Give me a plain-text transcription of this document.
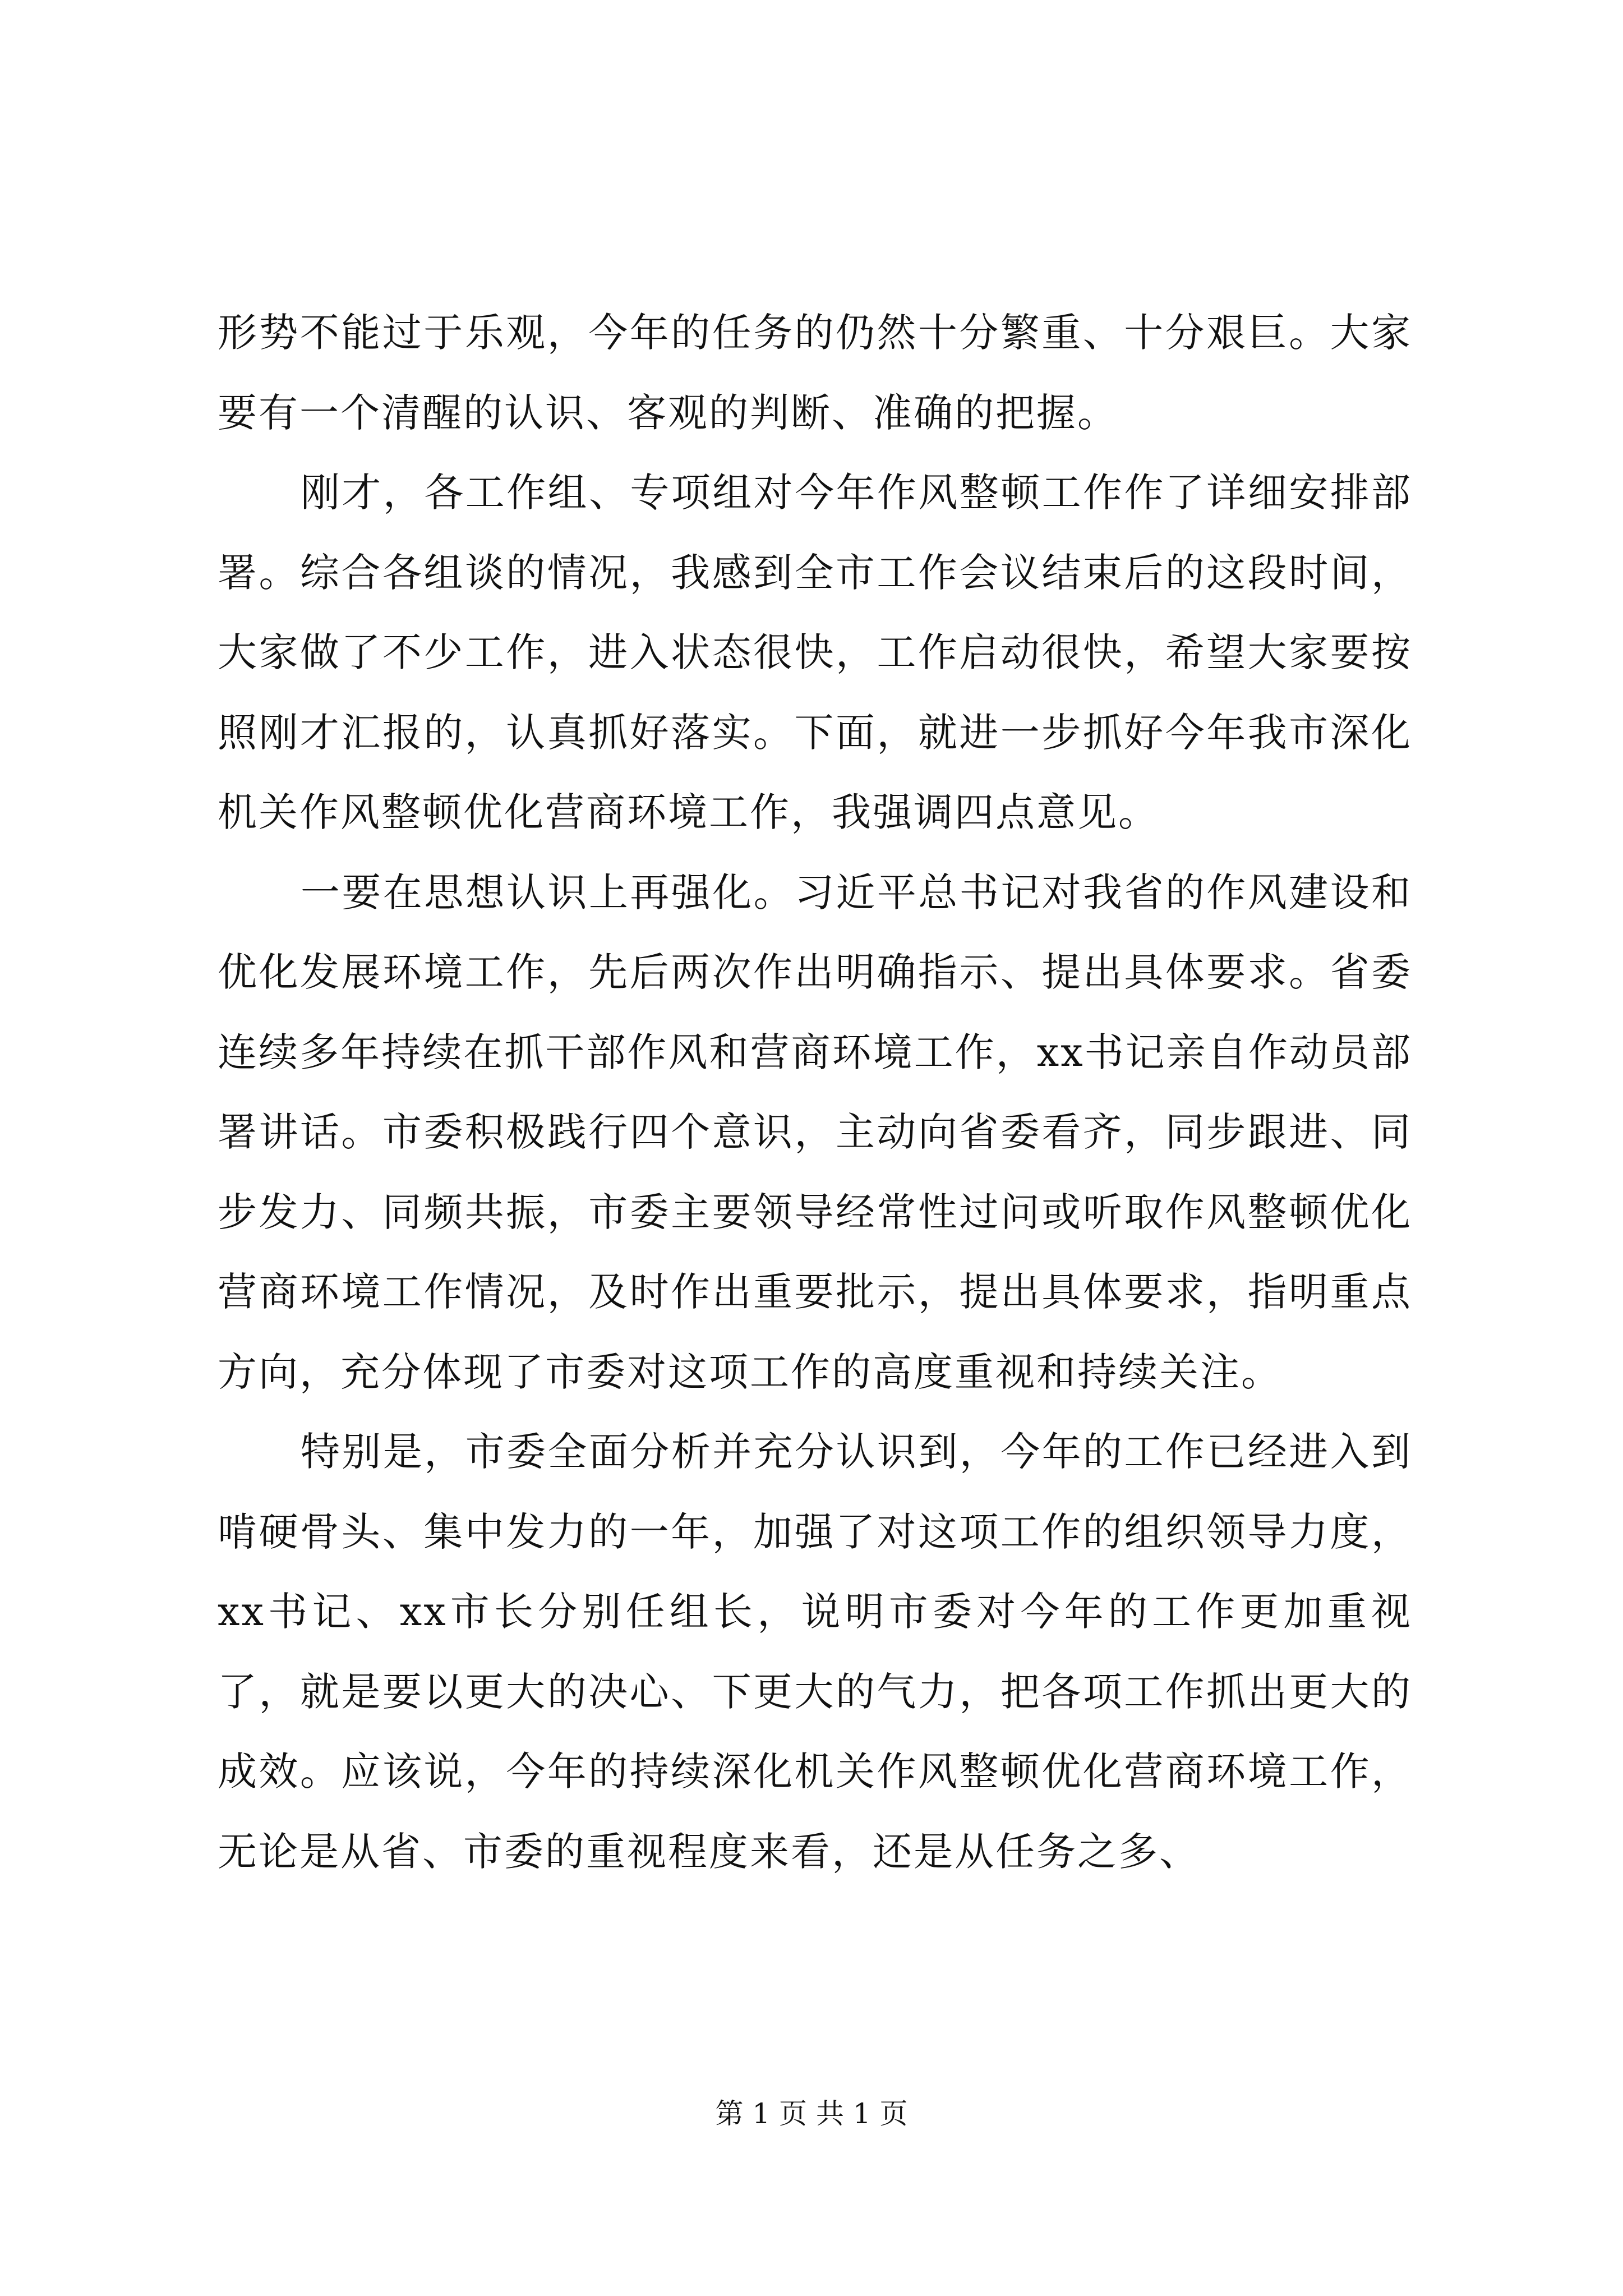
形势不能过于乐观，今年的任务的仍然十分繁重、十分艰巨。大家要有一个清醒的认识、客观的判断、准确的把握。

刚才，各工作组、专项组对今年作风整顿工作作了详细安排部署。综合各组谈的情况，我感到全市工作会议结束后的这段时间，大家做了不少工作，进入状态很快，工作启动很快，希望大家要按照刚才汇报的，认真抓好落实。下面，就进一步抓好今年我市深化机关作风整顿优化营商环境工作，我强调四点意见。

一要在思想认识上再强化。习近平总书记对我省的作风建设和优化发展环境工作，先后两次作出明确指示、提出具体要求。省委连续多年持续在抓干部作风和营商环境工作，xx书记亲自作动员部署讲话。市委积极践行四个意识，主动向省委看齐，同步跟进、同步发力、同频共振，市委主要领导经常性过问或听取作风整顿优化营商环境工作情况，及时作出重要批示，提出具体要求，指明重点方向，充分体现了市委对这项工作的高度重视和持续关注。

特别是，市委全面分析并充分认识到，今年的工作已经进入到啃硬骨头、集中发力的一年，加强了对这项工作的组织领导力度，xx书记、xx市长分别任组长，说明市委对今年的工作更加重视了，就是要以更大的决心、下更大的气力，把各项工作抓出更大的成效。应该说，今年的持续深化机关作风整顿优化营商环境工作，无论是从省、市委的重视程度来看，还是从任务之多、

第 1 页 共 1 页
